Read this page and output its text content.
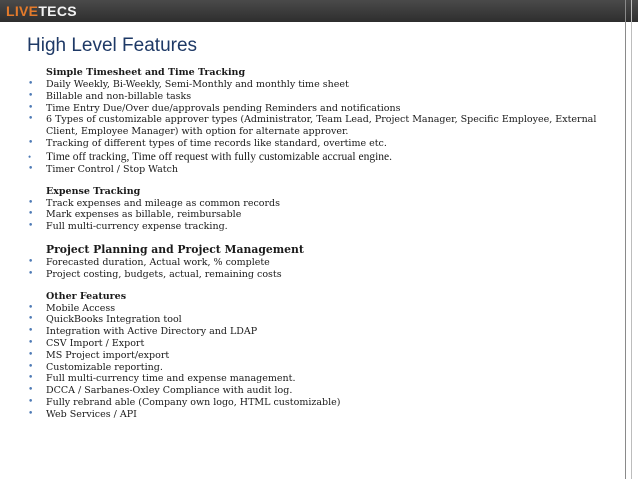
LIVETECS
High Level Features
Simple Timesheet and Time Tracking
• Daily Weekly, Bi-Weekly, Semi-Monthly and monthly time sheet
• Billable and non-billable tasks
• Time Entry Due/Over due/approvals pending Reminders and notifications
• 6 Types of customizable approver types (Administrator, Team Lead, Project Manager, Specific Employee, External Client, Employee Manager) with option for alternate approver.
• Tracking of different types of time records like standard, overtime etc.
• Time off tracking, Time off request with fully customizable accrual engine.
• Timer Control / Stop Watch
Expense Tracking
• Track expenses and mileage as common records
• Mark expenses as billable, reimbursable
• Full multi-currency expense tracking.
Project Planning and Project Management
• Forecasted duration, Actual work, % complete
• Project costing, budgets, actual, remaining costs
Other Features
• Mobile Access
• QuickBooks Integration tool
• Integration with Active Directory and LDAP
• CSV Import / Export
• MS Project import/export
• Customizable reporting.
• Full multi-currency time and expense management.
• DCCA / Sarbanes-Oxley Compliance with audit log.
• Fully rebrand able (Company own logo, HTML customizable)
• Web Services / API
